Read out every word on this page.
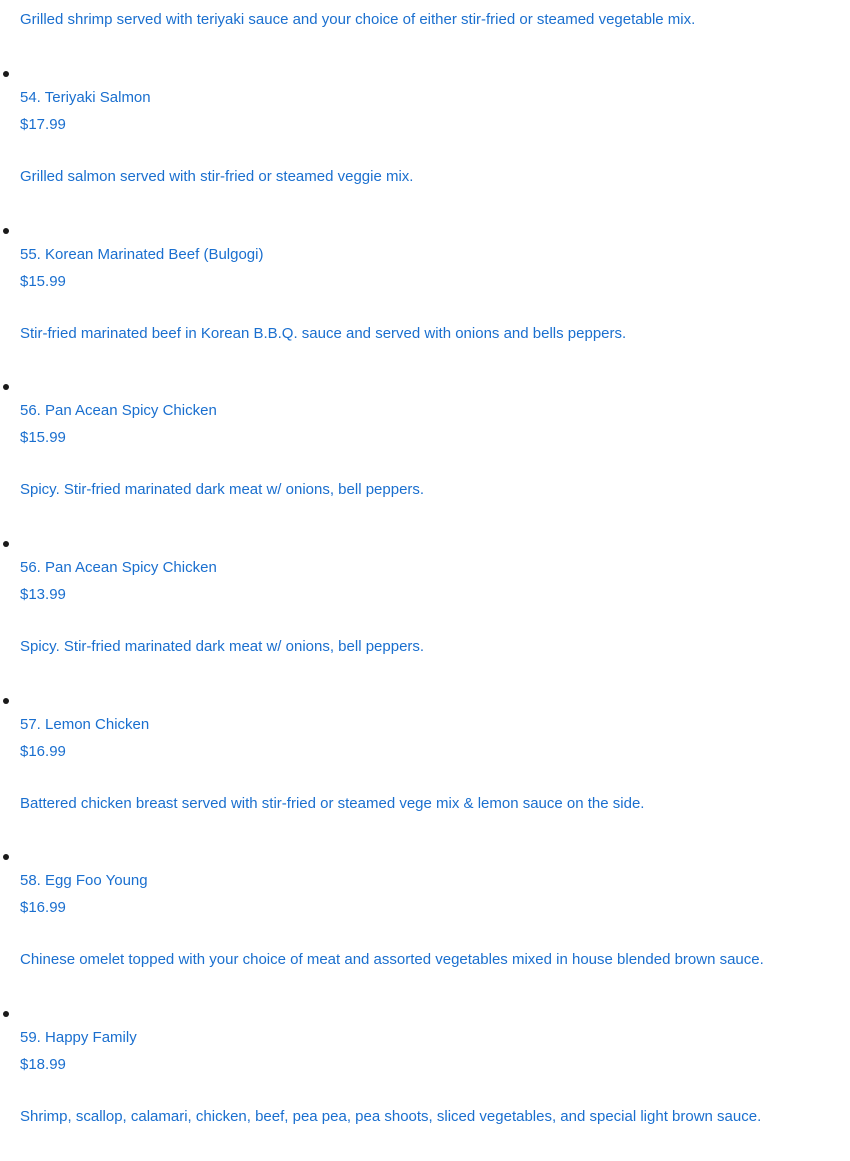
Grilled shrimp served with teriyaki sauce and your choice of either stir-fried or steamed vegetable mix.
54. Teriyaki Salmon
$17.99
Grilled salmon served with stir-fried or steamed veggie mix.
55. Korean Marinated Beef (Bulgogi)
$15.99
Stir-fried marinated beef in Korean B.B.Q. sauce and served with onions and bells peppers.
56. Pan Acean Spicy Chicken
$15.99
Spicy. Stir-fried marinated dark meat w/ onions, bell peppers.
56. Pan Acean Spicy Chicken
$13.99
Spicy. Stir-fried marinated dark meat w/ onions, bell peppers.
57. Lemon Chicken
$16.99
Battered chicken breast served with stir-fried or steamed vege mix & lemon sauce on the side.
58. Egg Foo Young
$16.99
Chinese omelet topped with your choice of meat and assorted vegetables mixed in house blended brown sauce.
59. Happy Family
$18.99
Shrimp, scallop, calamari, chicken, beef, pea pea, pea shoots, sliced vegetables, and special light brown sauce.
